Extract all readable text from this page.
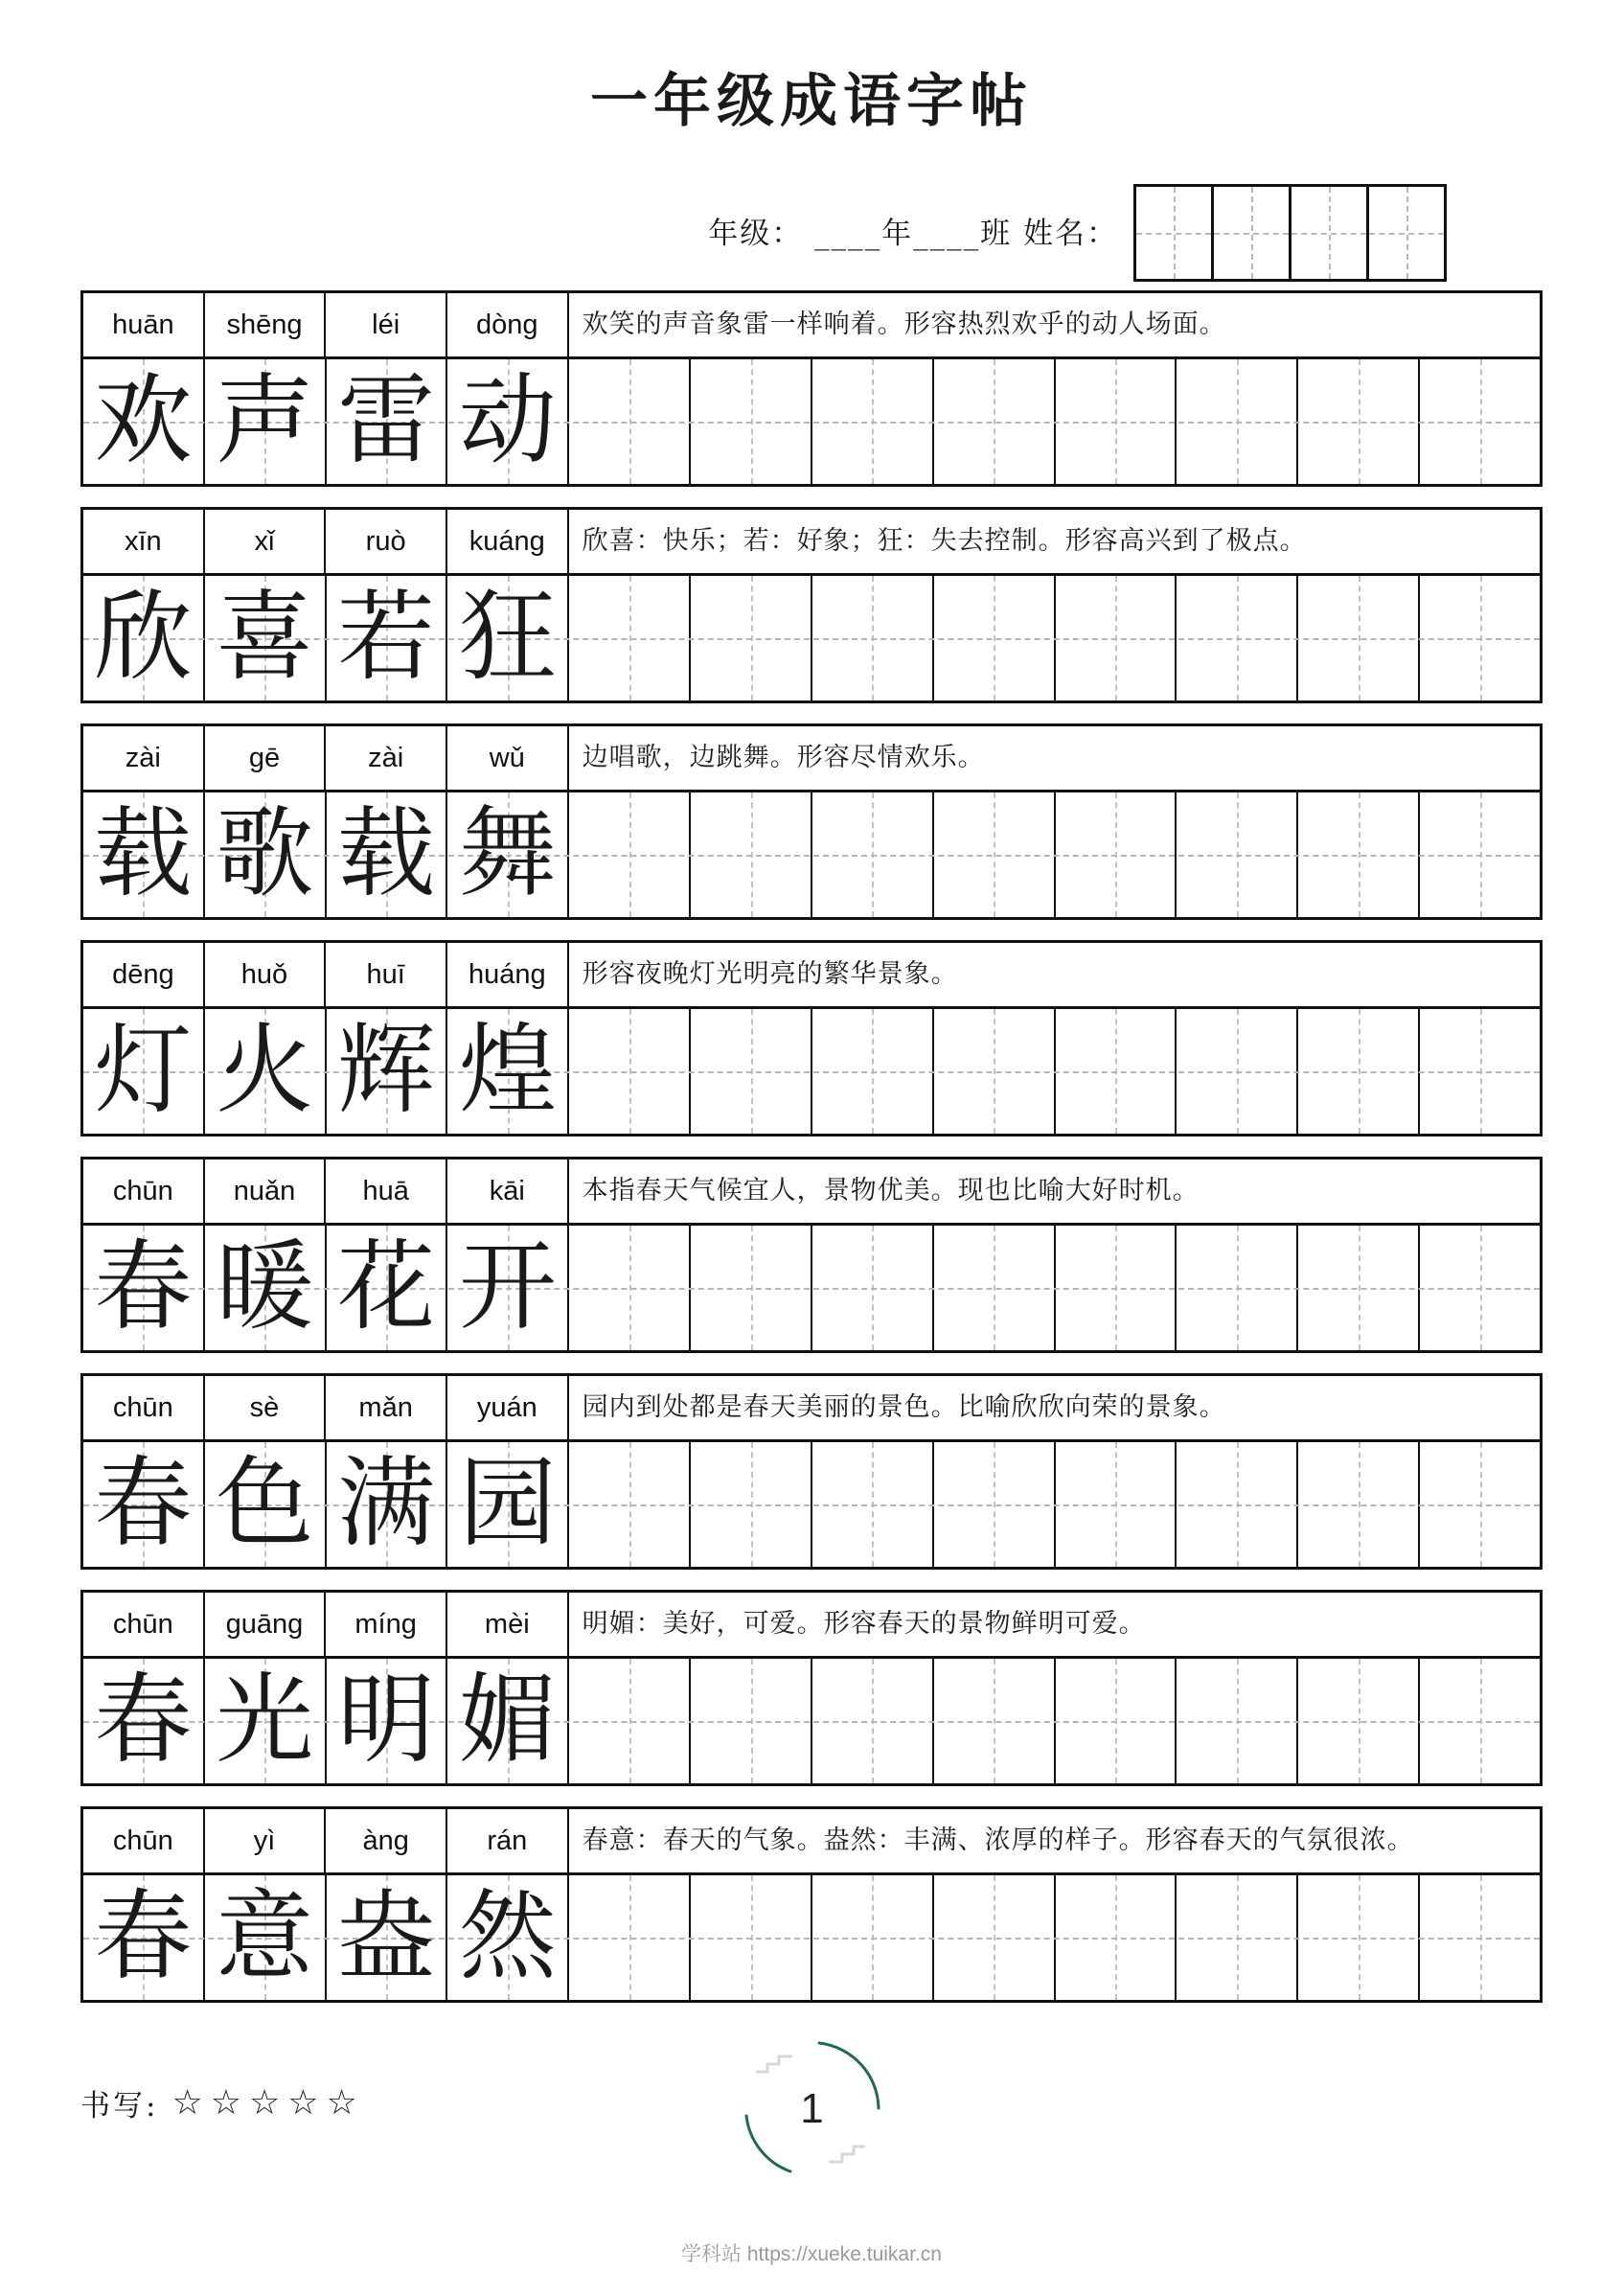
一年级成语字帖
年级： ____年____班 姓名：
huān	shēng	léi	dòng	欢笑的声音象雷一样响着。形容热烈欢乎的动人场面。
欢 声 雷 动
xīn	xǐ	ruò	kuáng	欣喜：快乐；若：好象；狂：失去控制。形容高兴到了极点。
欣 喜 若 狂
zài	gē	zài	wǔ	边唱歌，边跳舞。形容尽情欢乐。
载 歌 载 舞
dēng	huǒ	huī	huáng	形容夜晚灯光明亮的繁华景象。
灯 火 辉 煌
chūn	nuǎn	huā	kāi	本指春天气候宜人，景物优美。现也比喻大好时机。
春 暖 花 开
chūn	sè	mǎn	yuán	园内到处都是春天美丽的景色。比喻欣欣向荣的景象。
春 色 满 园
chūn	guāng	míng	mèi	明媚：美好，可爱。形容春天的景物鲜明可爱。
春 光 明 媚
chūn	yì	àng	rán	春意：春天的气象。盎然：丰满、浓厚的样子。形容春天的气氛很浓。
春 意 盎 然
书写: ☆☆☆☆☆	1
学科站 https://xueke.tuikar.cn
